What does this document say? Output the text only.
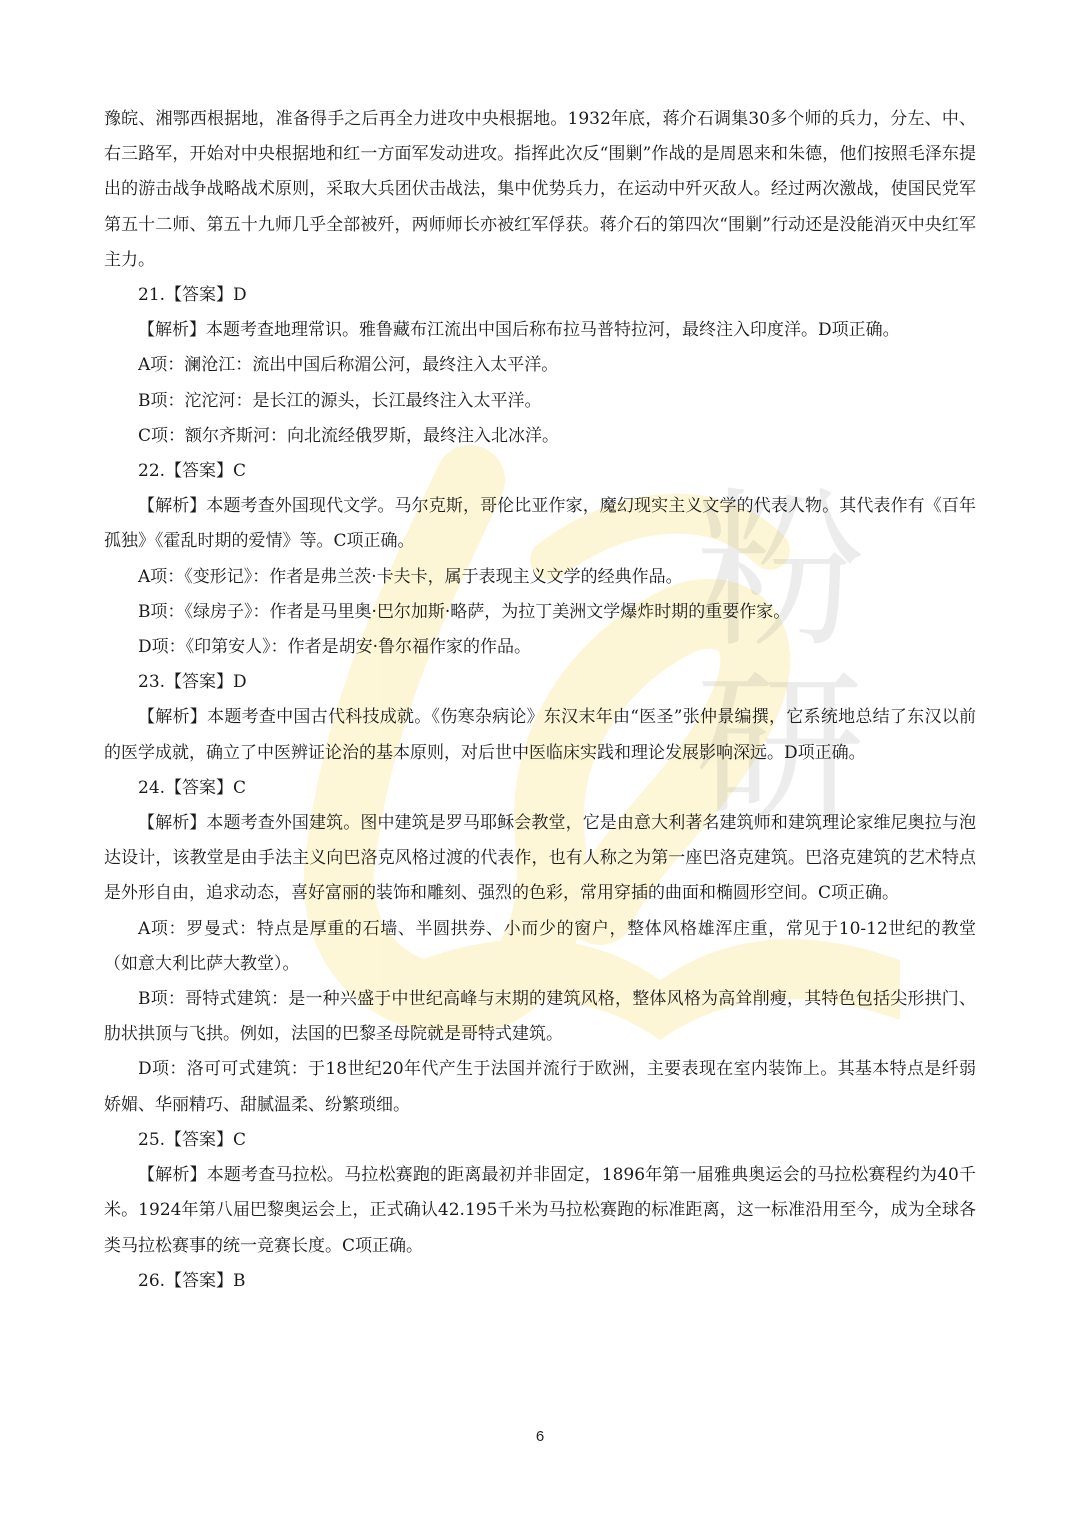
粉
研

豫皖、湘鄂西根据地，准备得手之后再全力进攻中央根据地。1932年底，蒋介石调集30多个师的兵力，分左、中、右三路军，开始对中央根据地和红一方面军发动进攻。指挥此次反“围剿”作战的是周恩来和朱德，他们按照毛泽东提出的游击战争战略战术原则，采取大兵团伏击战法，集中优势兵力，在运动中歼灭敌人。经过两次激战，使国民党军第五十二师、第五十九师几乎全部被歼，两师师长亦被红军俘获。蒋介石的第四次“围剿”行动还是没能消灭中央红军主力。

21.【答案】D

【解析】本题考查地理常识。雅鲁藏布江流出中国后称布拉马普特拉河，最终注入印度洋。D项正确。

A项：澜沧江：流出中国后称湄公河，最终注入太平洋。

B项：沱沱河：是长江的源头，长江最终注入太平洋。

C项：额尔齐斯河：向北流经俄罗斯，最终注入北冰洋。

22.【答案】C

【解析】本题考查外国现代文学。马尔克斯，哥伦比亚作家，魔幻现实主义文学的代表人物。其代表作有《百年孤独》《霍乱时期的爱情》等。C项正确。

A项：《变形记》：作者是弗兰茨·卡夫卡，属于表现主义文学的经典作品。

B项：《绿房子》：作者是马里奥·巴尔加斯·略萨，为拉丁美洲文学爆炸时期的重要作家。

D项：《印第安人》：作者是胡安·鲁尔福作家的作品。

23.【答案】D

【解析】本题考查中国古代科技成就。《伤寒杂病论》东汉末年由“医圣”张仲景编撰，它系统地总结了东汉以前的医学成就，确立了中医辨证论治的基本原则，对后世中医临床实践和理论发展影响深远。D项正确。

24.【答案】C

【解析】本题考查外国建筑。图中建筑是罗马耶稣会教堂，它是由意大利著名建筑师和建筑理论家维尼奥拉与泡达设计，该教堂是由手法主义向巴洛克风格过渡的代表作，也有人称之为第一座巴洛克建筑。巴洛克建筑的艺术特点是外形自由，追求动态，喜好富丽的装饰和雕刻、强烈的色彩，常用穿插的曲面和椭圆形空间。C项正确。

A项：罗曼式：特点是厚重的石墙、半圆拱券、小而少的窗户，整体风格雄浑庄重，常见于10-12世纪的教堂（如意大利比萨大教堂）。

B项：哥特式建筑：是一种兴盛于中世纪高峰与末期的建筑风格，整体风格为高耸削瘦，其特色包括尖形拱门、肋状拱顶与飞拱。例如，法国的巴黎圣母院就是哥特式建筑。

D项：洛可可式建筑：于18世纪20年代产生于法国并流行于欧洲，主要表现在室内装饰上。其基本特点是纤弱娇媚、华丽精巧、甜腻温柔、纷繁琐细。

25.【答案】C

【解析】本题考查马拉松。马拉松赛跑的距离最初并非固定，1896年第一届雅典奥运会的马拉松赛程约为40千米。1924年第八届巴黎奥运会上，正式确认42.195千米为马拉松赛跑的标准距离，这一标准沿用至今，成为全球各类马拉松赛事的统一竞赛长度。C项正确。

26.【答案】B

6
